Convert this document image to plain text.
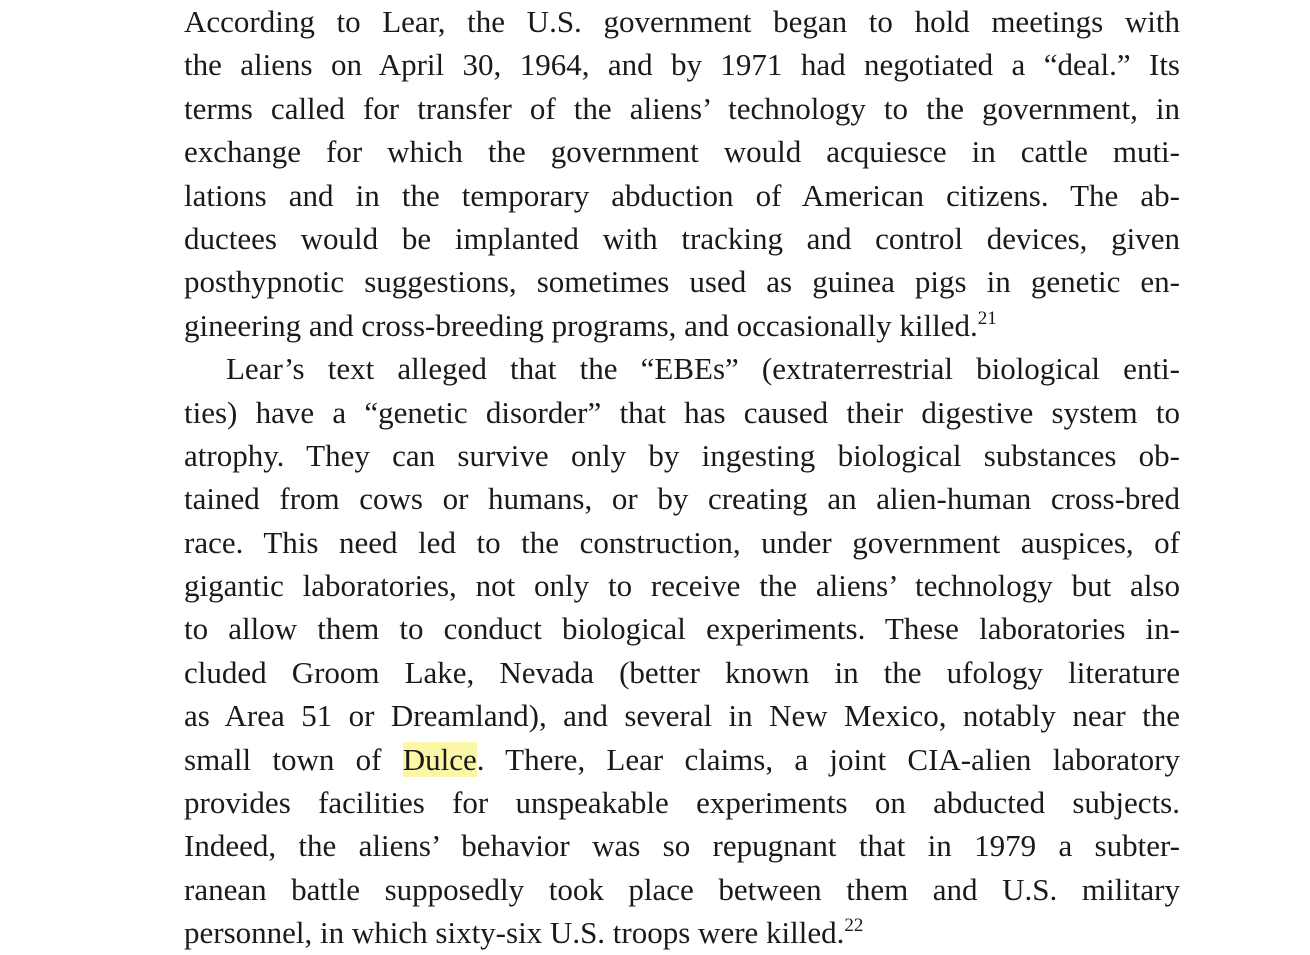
According to Lear, the U.S. government began to hold meetings with
the aliens on April 30, 1964, and by 1971 had negotiated a “deal.” Its
terms called for transfer of the aliens’ technology to the government, in
exchange for which the government would acquiesce in cattle muti-
lations and in the temporary abduction of American citizens. The ab-
ductees would be implanted with tracking and control devices, given
posthypnotic suggestions, sometimes used as guinea pigs in genetic en-
gineering and cross-breeding programs, and occasionally killed.$^{21}$
Lear’s text alleged that the “EBEs” (extraterrestrial biological enti-
ties) have a “genetic disorder” that has caused their digestive system to
atrophy. They can survive only by ingesting biological substances ob-
tained from cows or humans, or by creating an alien-human cross-bred
race. This need led to the construction, under government auspices, of
gigantic laboratories, not only to receive the aliens’ technology but also
to allow them to conduct biological experiments. These laboratories in-
cluded Groom Lake, Nevada (better known in the ufology literature
as Area 51 or Dreamland), and several in New Mexico, notably near the
small town of Dulce. There, Lear claims, a joint CIA-alien laboratory
provides facilities for unspeakable experiments on abducted subjects.
Indeed, the aliens’ behavior was so repugnant that in 1979 a subter-
ranean battle supposedly took place between them and U.S. military
personnel, in which sixty-six U.S. troops were killed.$^{22}$
